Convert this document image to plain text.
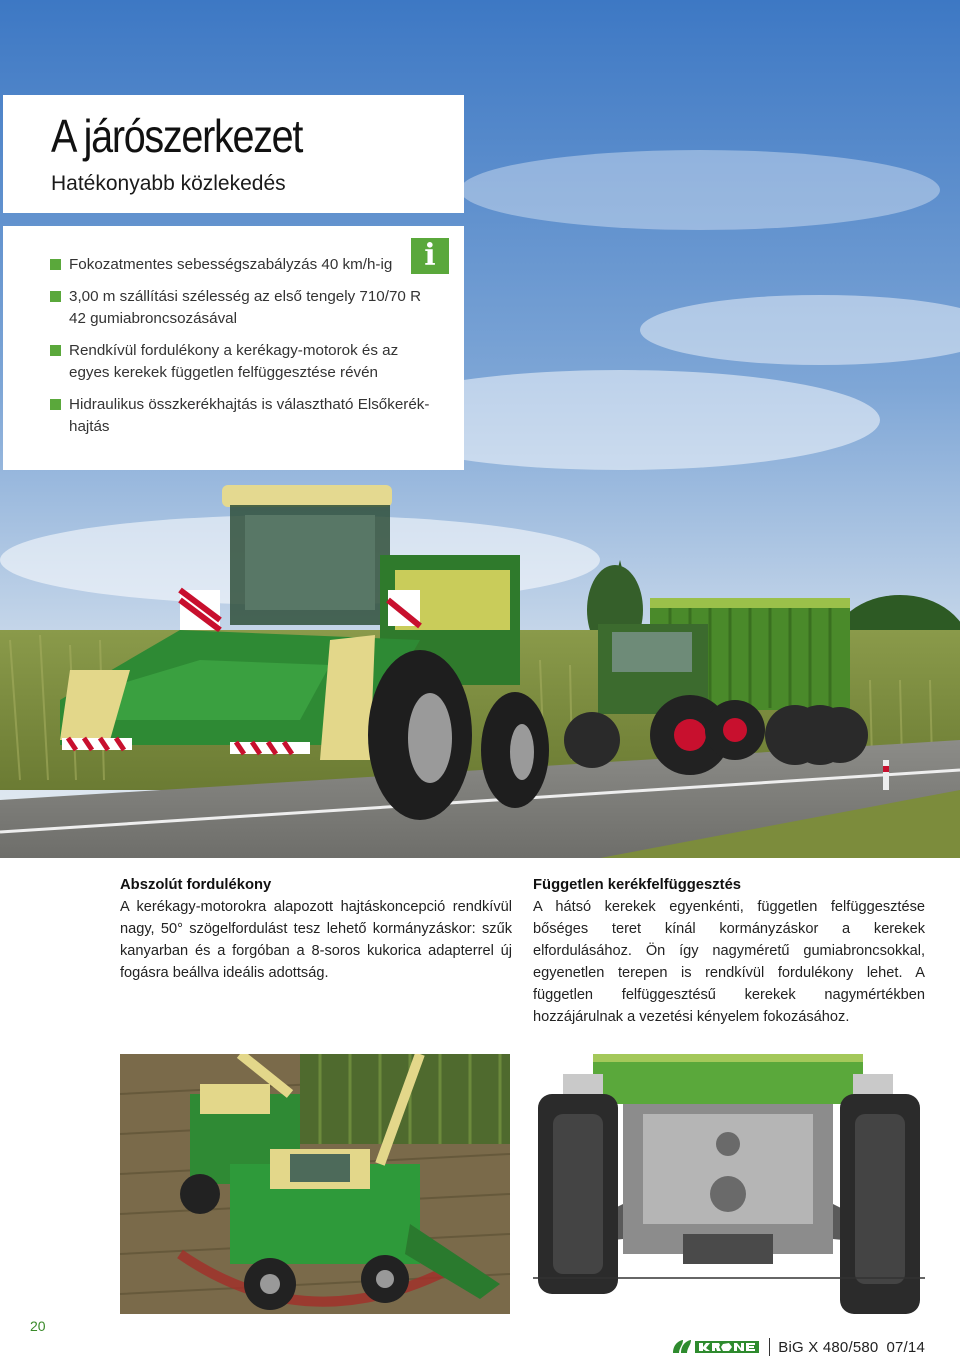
A járószerkezet
Hatékonyabb közlekedés
i
Fokozatmentes sebességszabályzás 40 km/h-ig
3,00 m szállítási szélesség az első tengely 710/70 R 42 gumiabroncsozásával
Rendkívül fordulékony a kerékagy-motorok és az egyes kerekek független felfüggesztése révén
Hidraulikus összkerékhajtás is választható Elsőkerék-hajtás
Abszolút fordulékony

A kerékagy-motorokra alapozott hajtáskoncepció rendkívül nagy, 50° szögelfordulást tesz lehető kormányzáskor: szűk kanyarban és a forgóban a 8-soros kukorica adapterrel új fogásra beállva ideális adottság.

Független kerékfelfüggesztés

A hátsó kerekek egyenkénti, független felfüggesztése bőséges teret kínál kormányzáskor a kerekek elfordulásához. Ön így nagyméretű gumiabroncsokkal, egyenetlen terepen is rendkívül fordulékony lehet. A független felfüggesztésű kerekek nagymértékben hozzájárulnak a vezetési kényelem fokozásához.

20
BiG X 480/580 07/14
